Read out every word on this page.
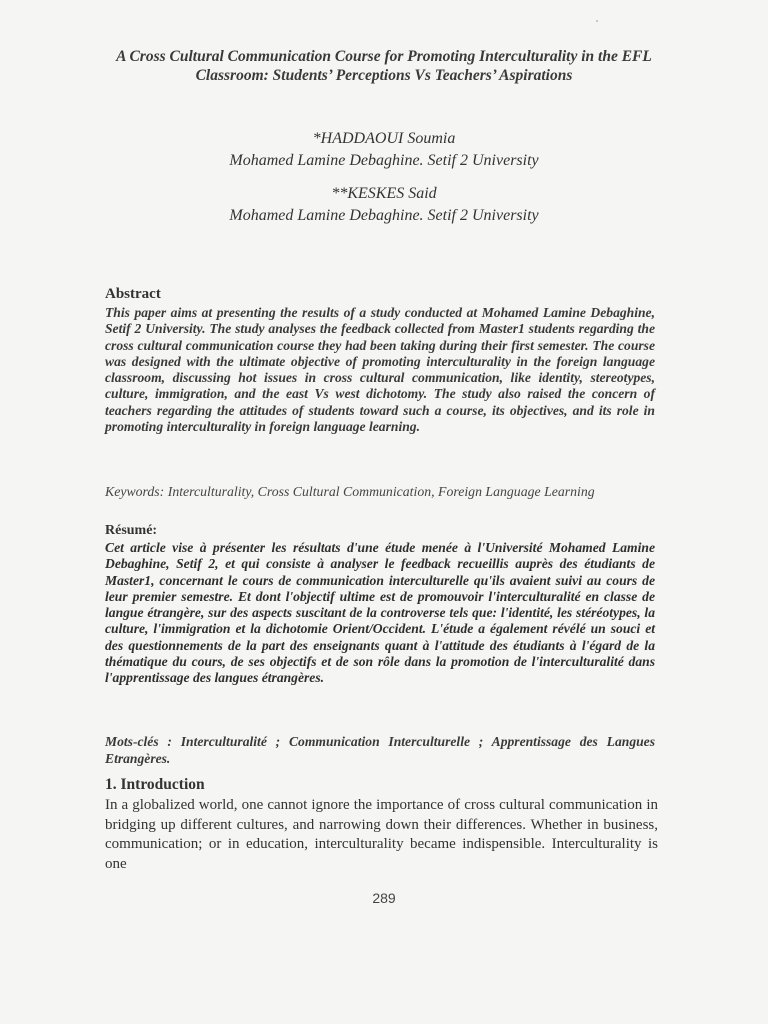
A Cross Cultural Communication Course for Promoting Interculturality in the EFL Classroom: Students’ Perceptions Vs Teachers’ Aspirations
*HADDAOUI Soumia
Mohamed Lamine Debaghine. Setif 2 University
**KESKES Said
Mohamed Lamine Debaghine. Setif 2 University
Abstract

This paper aims at presenting the results of a study conducted at Mohamed Lamine Debaghine, Setif 2 University. The study analyses the feedback collected from Master1 students regarding the cross cultural communication course they had been taking during their first semester. The course was designed with the ultimate objective of promoting interculturality in the foreign language classroom, discussing hot issues in cross cultural communication, like identity, stereotypes, culture, immigration, and the east Vs west dichotomy. The study also raised the concern of teachers regarding the attitudes of students toward such a course, its objectives, and its role in promoting interculturality in foreign language learning.

Keywords: Interculturality, Cross Cultural Communication, Foreign Language Learning

Résumé:

Cet article vise à présenter les résultats d'une étude menée à l'Université Mohamed Lamine Debaghine, Setif 2, et qui consiste à analyser le feedback recueillis auprès des étudiants de Master1, concernant le cours de communication interculturelle qu'ils avaient suivi au cours de leur premier semestre. Et dont l'objectif ultime est de promouvoir l'interculturalité en classe de langue étrangère, sur des aspects suscitant de la controverse tels que: l'identité, les stéréotypes, la culture, l'immigration et la dichotomie Orient/Occident. L'étude a également révélé un souci et des questionnements de la part des enseignants quant à l'attitude des étudiants à l'égard de la thématique du cours, de ses objectifs et de son rôle dans la promotion de l'interculturalité dans l'apprentissage des langues étrangères.

Mots-clés : Interculturalité ; Communication Interculturelle ; Apprentissage des Langues Etrangères.

1. Introduction

In a globalized world, one cannot ignore the importance of cross cultural communication in bridging up different cultures, and narrowing down their differences. Whether in business, communication; or in education, interculturality became indispensible. Interculturality is one

289
